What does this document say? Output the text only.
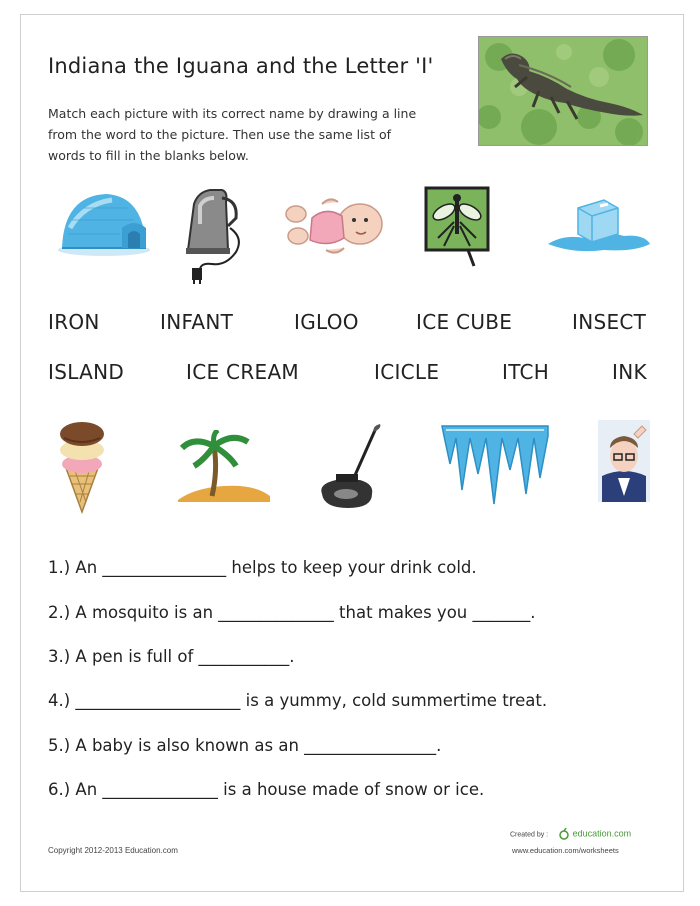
Indiana the Iguana and the Letter 'I'
Match each picture with its correct name by drawing a line
from the word to the picture. Then use the same list of
words to fill in the blanks below.
IRON	INFANT	IGLOO	ICE CUBE	INSECT
ISLAND	ICE CREAM	ICICLE	ITCH	INK
1.) An _______________ helps to keep your drink cold.
2.) A mosquito is an ______________ that makes you _______.
3.) A pen is full of ___________.
4.) ____________________ is a yummy, cold summertime treat.
5.) A baby is also known as an ________________.
6.) An ______________ is a house made of snow or ice.
Copyright 2012-2013 Education.com
Created by :	education.com
www.education.com/worksheets
